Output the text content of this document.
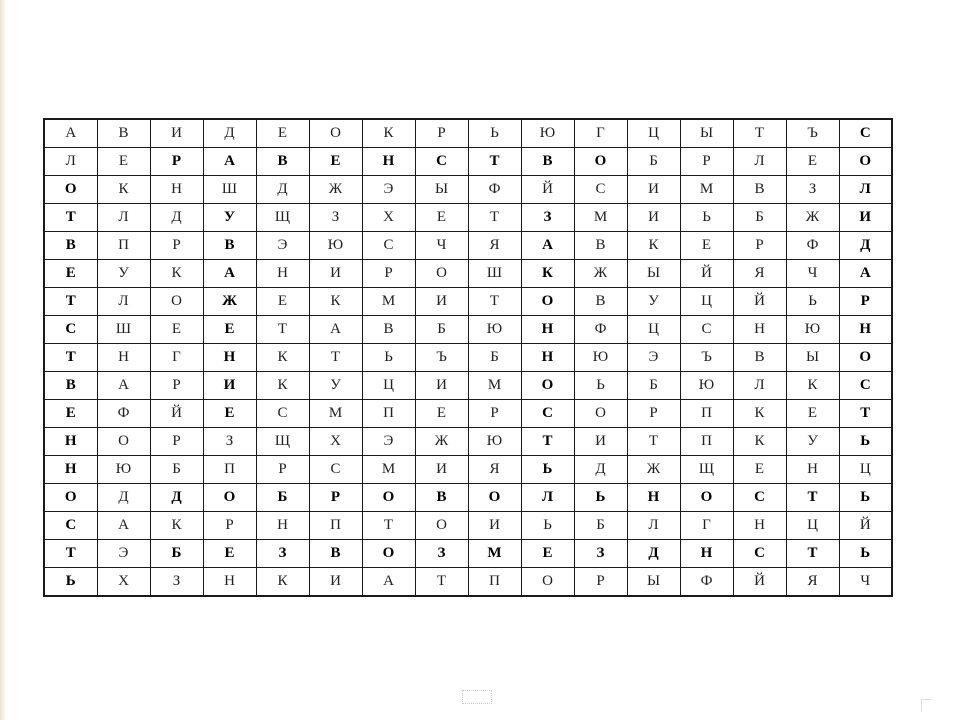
А	В	И	Д	Е	О	К	Р	Ь	Ю	Г	Ц	Ы	Т	Ъ	С
Л	Е	Р	А	В	Е	Н	С	Т	В	О	Б	Р	Л	Е	О
О	К	Н	Ш	Д	Ж	Э	Ы	Ф	Й	С	И	М	В	З	Л
Т	Л	Д	У	Щ	З	Х	Е	Т	З	М	И	Ь	Б	Ж	И
В	П	Р	В	Э	Ю	С	Ч	Я	А	В	К	Е	Р	Ф	Д
Е	У	К	А	Н	И	Р	О	Ш	К	Ж	Ы	Й	Я	Ч	А
Т	Л	О	Ж	Е	К	М	И	Т	О	В	У	Ц	Й	Ь	Р
С	Ш	Е	Е	Т	А	В	Б	Ю	Н	Ф	Ц	С	Н	Ю	Н
Т	Н	Г	Н	К	Т	Ь	Ъ	Б	Н	Ю	Э	Ъ	В	Ы	О
В	А	Р	И	К	У	Ц	И	М	О	Ь	Б	Ю	Л	К	С
Е	Ф	Й	Е	С	М	П	Е	Р	С	О	Р	П	К	Е	Т
Н	О	Р	З	Щ	Х	Э	Ж	Ю	Т	И	Т	П	К	У	Ь
Н	Ю	Б	П	Р	С	М	И	Я	Ь	Д	Ж	Щ	Е	Н	Ц
О	Д	Д	О	Б	Р	О	В	О	Л	Ь	Н	О	С	Т	Ь
С	А	К	Р	Н	П	Т	О	И	Ь	Б	Л	Г	Н	Ц	Й
Т	Э	Б	Е	З	В	О	З	М	Е	З	Д	Н	С	Т	Ь
Ь	Х	З	Н	К	И	А	Т	П	О	Р	Ы	Ф	Й	Я	Ч
